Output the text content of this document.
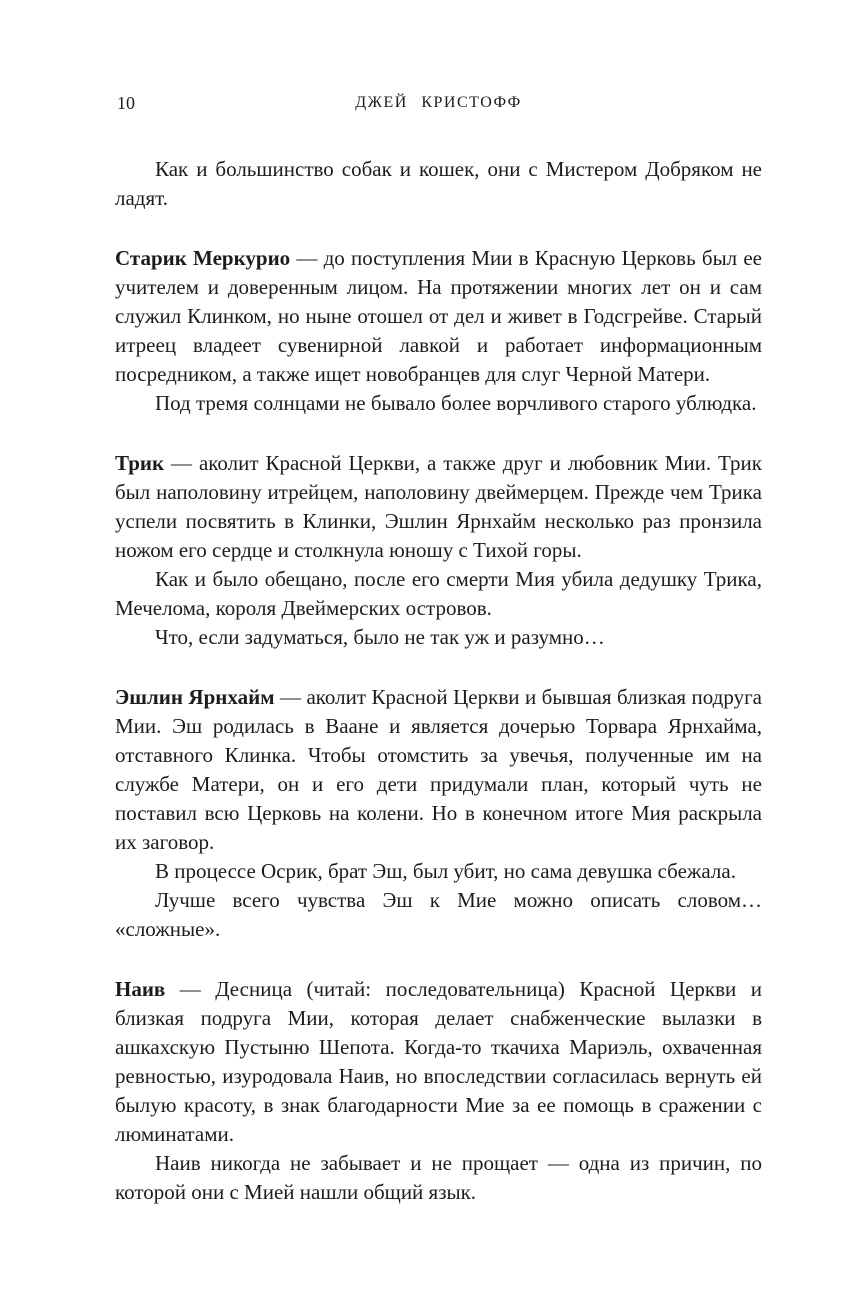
10	ДЖЕЙ КРИСТОФФ

Как и большинство собак и кошек, они с Мистером Добряком не ладят.

Старик Меркурио — до поступления Мии в Красную Церковь был ее учителем и доверенным лицом. На протяжении многих лет он и сам служил Клинком, но ныне отошел от дел и живет в Годсгрейве. Старый итреец владеет сувенирной лавкой и работает информационным посредником, а также ищет новобранцев для слуг Черной Матери.

Под тремя солнцами не бывало более ворчливого старого ублюдка.

Трик — аколит Красной Церкви, а также друг и любовник Мии. Трик был наполовину итрейцем, наполовину двеймерцем. Прежде чем Трика успели посвятить в Клинки, Эшлин Ярнхайм несколько раз пронзила ножом его сердце и столкнула юношу с Тихой горы.

Как и было обещано, после его смерти Мия убила дедушку Трика, Мечелома, короля Двеймерских островов.

Что, если задуматься, было не так уж и разумно…

Эшлин Ярнхайм — аколит Красной Церкви и бывшая близкая подруга Мии. Эш родилась в Ваане и является дочерью Торвара Ярнхайма, отставного Клинка. Чтобы отомстить за увечья, полученные им на службе Матери, он и его дети придумали план, который чуть не поставил всю Церковь на колени. Но в конечном итоге Мия раскрыла их заговор.

В процессе Осрик, брат Эш, был убит, но сама девушка сбежала.

Лучше всего чувства Эш к Мие можно описать словом… «сложные».

Наив — Десница (читай: последовательница) Красной Церкви и близкая подруга Мии, которая делает снабженческие вылазки в ашкахскую Пустыню Шепота. Когда-то ткачиха Мариэль, охваченная ревностью, изуродовала Наив, но впоследствии согласилась вернуть ей былую красоту, в знак благодарности Мие за ее помощь в сражении с люминатами.

Наив никогда не забывает и не прощает — одна из причин, по которой они с Мией нашли общий язык.
